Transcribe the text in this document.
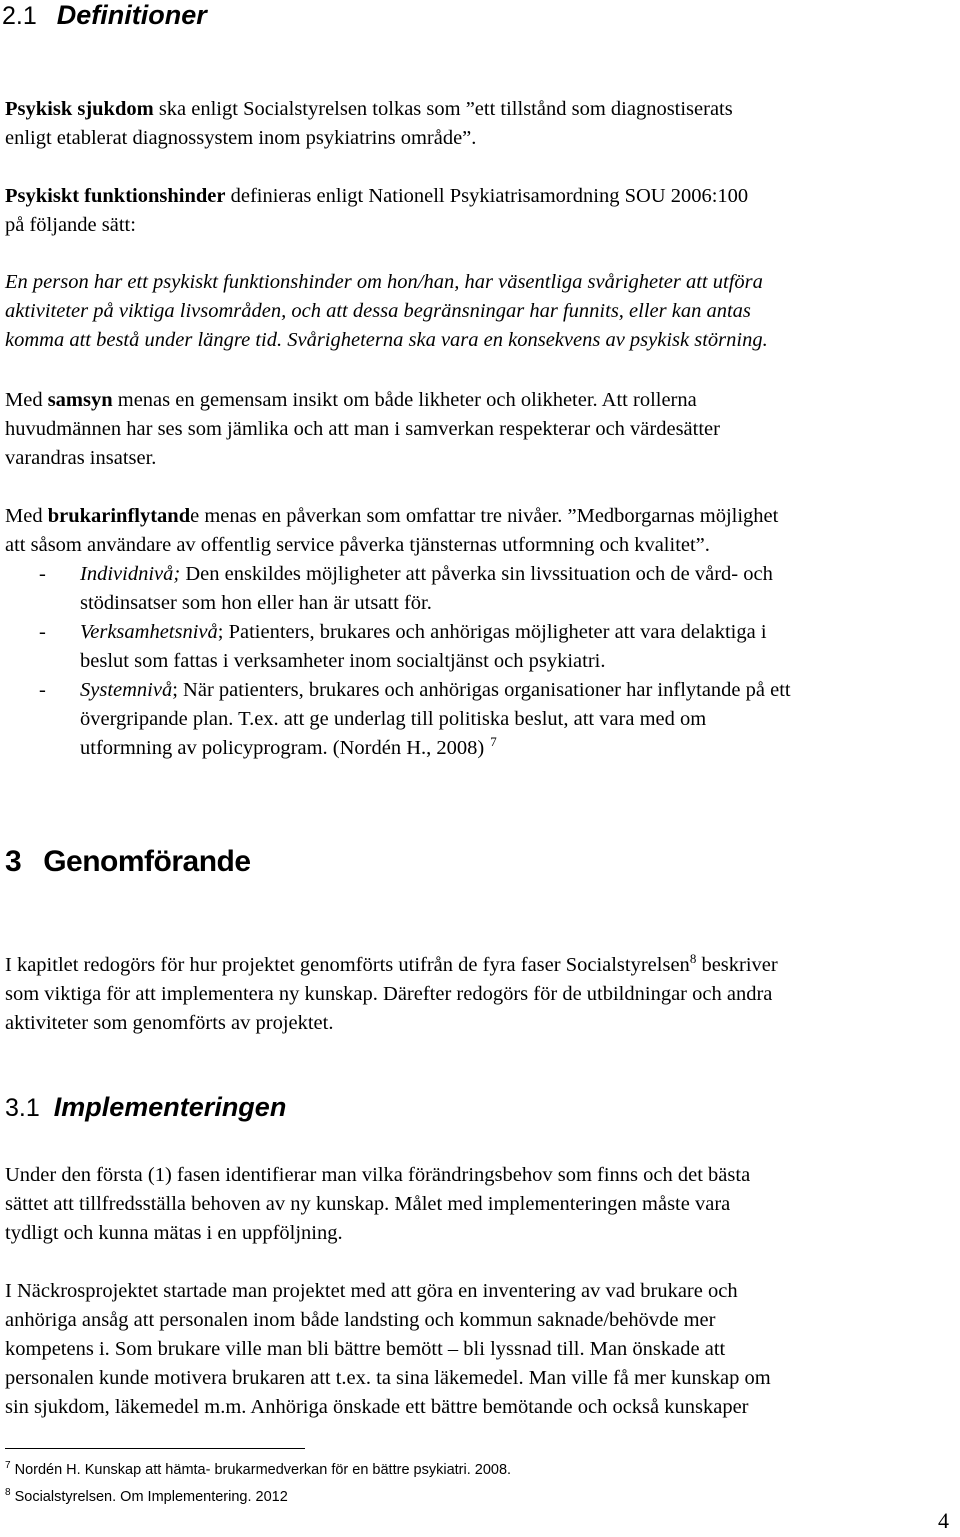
2.1 Definitioner
Psykisk sjukdom ska enligt Socialstyrelsen tolkas som ”ett tillstånd som diagnostiserats
enligt etablerat diagnossystem inom psykiatrins område”.
Psykiskt funktionshinder definieras enligt Nationell Psykiatrisamordning SOU 2006:100
på följande sätt:
En person har ett psykiskt funktionshinder om hon/han, har väsentliga svårigheter att utföra
aktiviteter på viktiga livsområden, och att dessa begränsningar har funnits, eller kan antas
komma att bestå under längre tid. Svårigheterna ska vara en konsekvens av psykisk störning.
Med samsyn menas en gemensam insikt om både likheter och olikheter. Att rollerna
huvudmännen har ses som jämlika och att man i samverkan respekterar och värdesätter
varandras insatser.
Med brukarinflytande menas en påverkan som omfattar tre nivåer. ”Medborgarnas möjlighet
att såsom användare av offentlig service påverka tjänsternas utformning och kvalitet”.
- Individnivå; Den enskildes möjligheter att påverka sin livssituation och de vård- och
stödinsatser som hon eller han är utsatt för.
- Verksamhetsnivå; Patienters, brukares och anhörigas möjligheter att vara delaktiga i
beslut som fattas i verksamheter inom socialtjänst och psykiatri.
- Systemnivå; När patienters, brukares och anhörigas organisationer har inflytande på ett
övergripande plan. T.ex. att ge underlag till politiska beslut, att vara med om
utformning av policyprogram. (Nordén H., 2008) $^7$
3 Genomförande
I kapitlet redogörs för hur projektet genomförts utifrån de fyra faser Socialstyrelsen$^8$ beskriver
som viktiga för att implementera ny kunskap. Därefter redogörs för de utbildningar och andra
aktiviteter som genomförts av projektet.
3.1 Implementeringen
Under den första (1) fasen identifierar man vilka förändringsbehov som finns och det bästa
sättet att tillfredsställa behoven av ny kunskap. Målet med implementeringen måste vara
tydligt och kunna mätas i en uppföljning.
I Näckrosprojektet startade man projektet med att göra en inventering av vad brukare och
anhöriga ansåg att personalen inom både landsting och kommun saknade/behövde mer
kompetens i. Som brukare ville man bli bättre bemött – bli lyssnad till. Man önskade att
personalen kunde motivera brukaren att t.ex. ta sina läkemedel. Man ville få mer kunskap om
sin sjukdom, läkemedel m.m. Anhöriga önskade ett bättre bemötande och också kunskaper
$^7$ Nordén H. Kunskap att hämta- brukarmedverkan för en bättre psykiatri. 2008.
$^8$ Socialstyrelsen. Om Implementering. 2012
4
